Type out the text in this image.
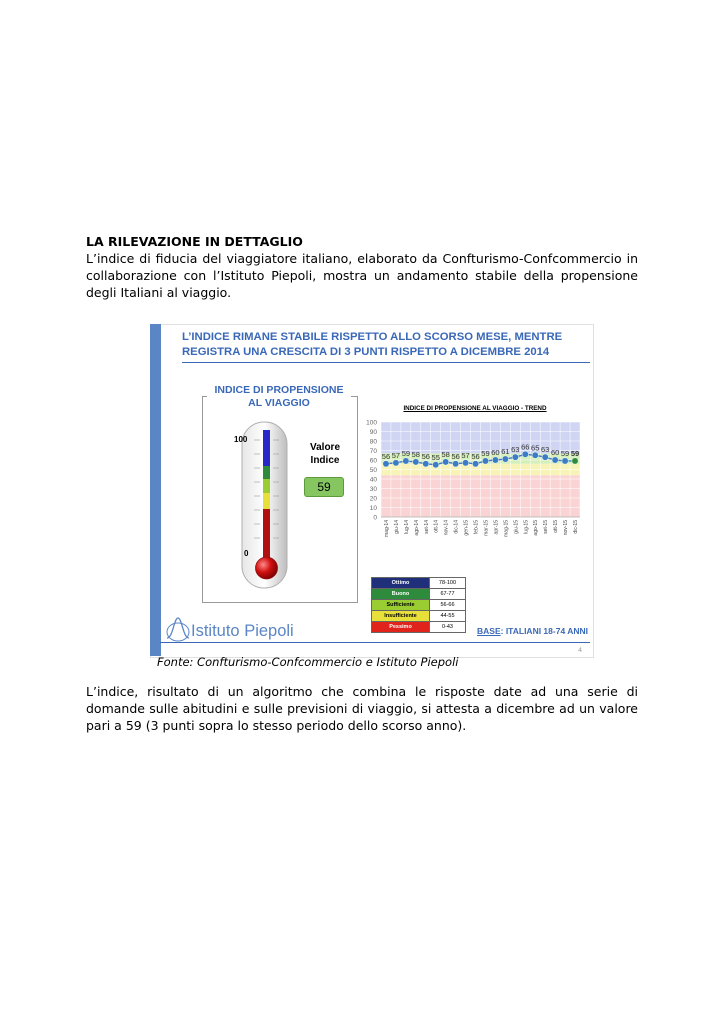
LA RILEVAZIONE IN DETTAGLIO
L’indice di fiducia del viaggiatore italiano, elaborato da Confturismo-Confcommercio in collaborazione con l’Istituto Piepoli, mostra un andamento stabile della propensione degli Italiani al viaggio.
L’INDICE RIMANE STABILE RISPETTO ALLO SCORSO MESE, MENTRE
REGISTRA UNA CRESCITA DI 3 PUNTI RISPETTO A DICEMBRE 2014
INDICE DI PROPENSIONE
AL VIAGGIO
100
0
Valore
Indice
59
INDICE DI PROPENSIONE AL VIAGGIO - TREND
0
10
20
30
40
50
60
70
80
90
100
56 57 59 58 56 55 58 56 57 56 59 60 61 63 66 65 63 60 59 59
mag-14 giu-14 lug-14 ago-14 set-14 ott-14 nov-14 dic-14 gen-15 feb-15 mar-15 apr-15 mag-15 giu-15 lug-15 ago-15 set-15 ott-15 nov-15 dic-15
Ottimo	78-100
Buono	67-77
Sufficiente	56-66
Insufficiente	44-55
Pessimo	0-43	BASE: ITALIANI 18-74 ANNI
Istituto Piepoli
4
Fonte: Confturismo-Confcommercio e Istituto Piepoli
L’indice, risultato di un algoritmo che combina le risposte date ad una serie di domande sulle abitudini e sulle previsioni di viaggio, si attesta a dicembre ad un valore pari a 59 (3 punti sopra lo stesso periodo dello scorso anno).
